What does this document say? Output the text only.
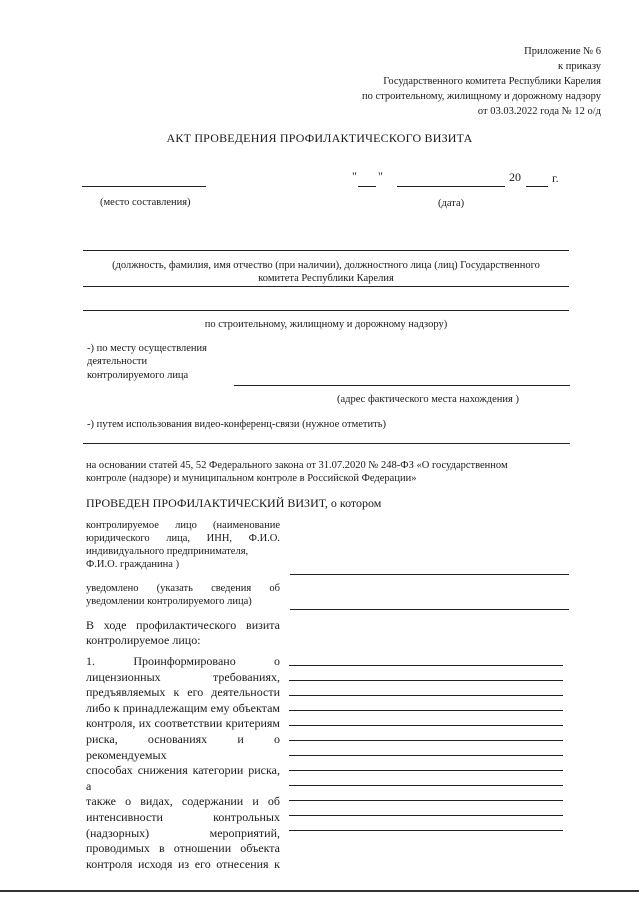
Приложение № 6
к приказу
Государственного комитета Республики Карелия
по строительному, жилищному и дорожному надзору
от 03.03.2022 года № 12 о/д
АКТ ПРОВЕДЕНИЯ ПРОФИЛАКТИЧЕСКОГО ВИЗИТА
" "	20	г.
(место составления)	(дата)
(должность, фамилия, имя отчество (при наличии), должностного лица (лиц) Государственного
комитета Республики Карелия
по строительному, жилищному и дорожному надзору)
-) по месту осуществления
деятельности
контролируемого лица
(адрес фактического места нахождения )
-) путем использования видео-конференц-связи (нужное отметить)
на основании статей 45, 52 Федерального закона от 31.07.2020 № 248-ФЗ «О государственном
контроле (надзоре) и муниципальном контроле в Российской Федерации»
ПРОВЕДЕН ПРОФИЛАКТИЧЕСКИЙ ВИЗИТ, о котором
контролируемое лицо (наименование
юридического лица, ИНН, Ф.И.О.
индивидуального предпринимателя,
Ф.И.О. гражданина )
уведомлено (указать сведения об
уведомлении контролируемого лица)
В ходе профилактического визита
контролируемое лицо:
1. Проинформировано о
лицензионных требованиях,
предъявляемых к его деятельности
либо к принадлежащим ему объектам
контроля, их соответствии критериям
риска, основаниях и о рекомендуемых
способах снижения категории риска, а
также о видах, содержании и об
интенсивности контрольных
(надзорных) мероприятий,
проводимых в отношении объекта
контроля исходя из его отнесения к
